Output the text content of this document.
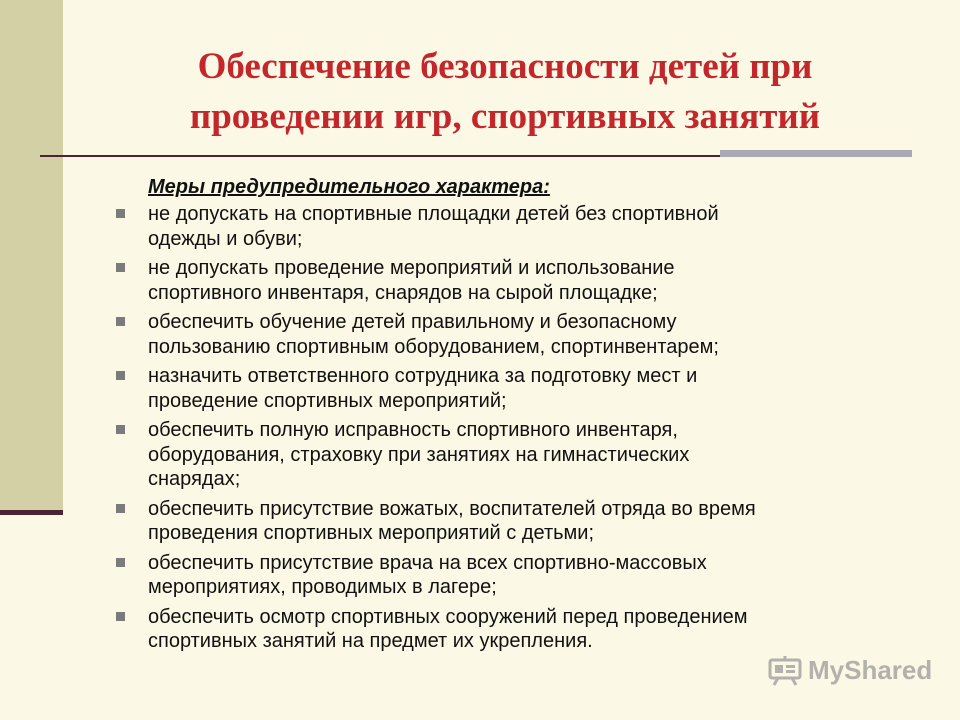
Обеспечение безопасности детей при
проведении игр, спортивных занятий
Меры предупредительного характера:
не допускать на спортивные площадки детей без спортивной
одежды и обуви;
не допускать проведение мероприятий и использование
спортивного инвентаря, снарядов на сырой площадке;
обеспечить обучение детей правильному и безопасному
пользованию спортивным оборудованием, спортинвентарем;
назначить ответственного сотрудника за подготовку мест и
проведение спортивных мероприятий;
обеспечить полную исправность спортивного инвентаря,
оборудования, страховку при занятиях на гимнастических
снарядах;
обеспечить присутствие вожатых, воспитателей отряда во время
проведения спортивных мероприятий с детьми;
обеспечить присутствие врача на всех спортивно-массовых
мероприятиях, проводимых в лагере;
обеспечить осмотр спортивных сооружений перед проведением
спортивных занятий на предмет их укрепления.
MyShared
